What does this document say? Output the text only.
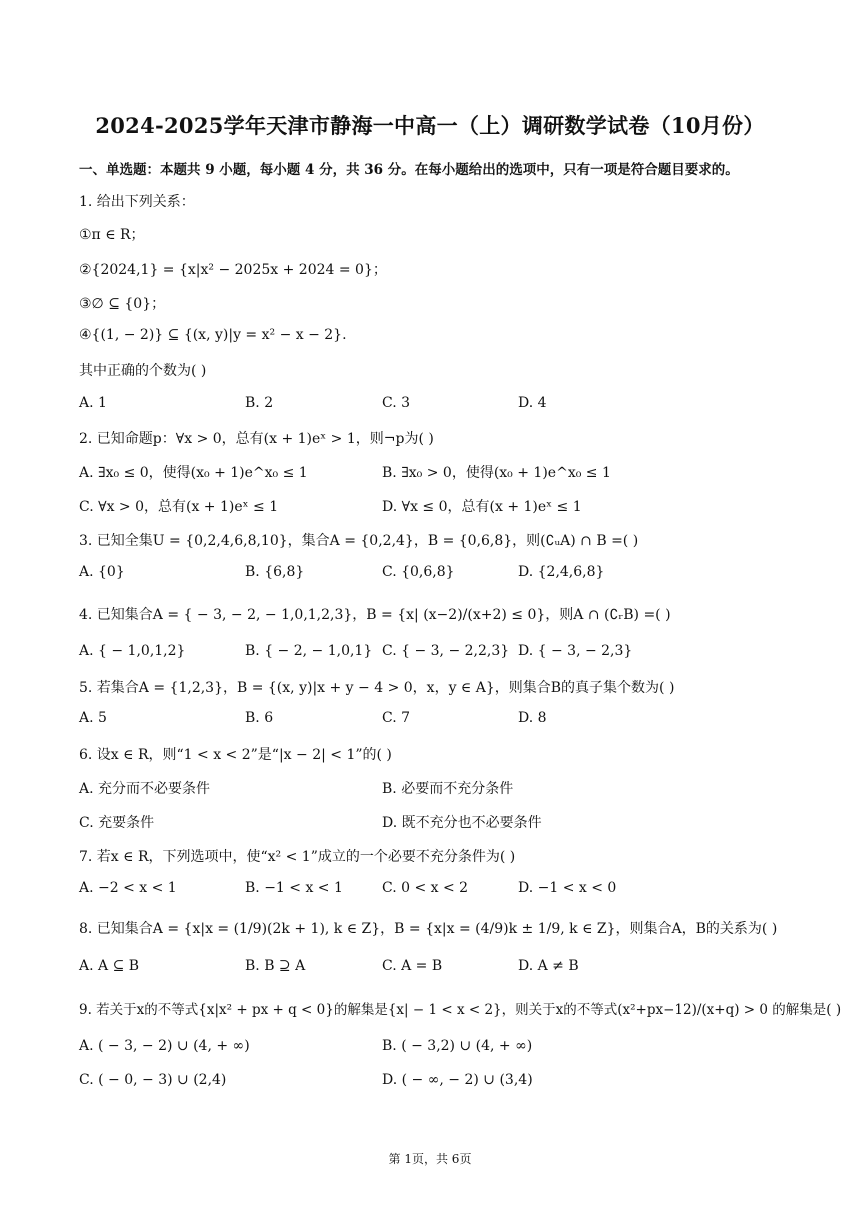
2024-2025学年天津市静海一中高一（上）调研数学试卷（10月份）
一、单选题：本题共 9 小题，每小题 4 分，共 36 分。在每小题给出的选项中，只有一项是符合题目要求的。
1. 给出下列关系：
①π ∈ R；
②{2024,1} = {x|x² − 2025x + 2024 = 0}；
③∅ ⊆ {0}；
④{(1, − 2)} ⊆ {(x, y)|y = x² − x − 2}.
其中正确的个数为( )
A. 1	B. 2	C. 3	D. 4
2. 已知命题p：∀x > 0，总有(x + 1)eˣ > 1，则¬p为( )
A. ∃x₀ ≤ 0，使得(x₀ + 1)e^x₀ ≤ 1	B. ∃x₀ > 0，使得(x₀ + 1)e^x₀ ≤ 1
C. ∀x > 0，总有(x + 1)eˣ ≤ 1	D. ∀x ≤ 0，总有(x + 1)eˣ ≤ 1
3. 已知全集U = {0,2,4,6,8,10}，集合A = {0,2,4}，B = {0,6,8}，则(∁ᵤA) ∩ B =( )
A. {0}	B. {6,8}	C. {0,6,8}	D. {2,4,6,8}
4. 已知集合A = { − 3, − 2, − 1,0,1,2,3}，B = {x| (x−2)/(x+2) ≤ 0}，则A ∩ (∁ᵣB) =( )
A. { − 1,0,1,2}	B. { − 2, − 1,0,1} C. { − 3, − 2,2,3} D. { − 3, − 2,3}
5. 若集合A = {1,2,3}，B = {(x, y)|x + y − 4 > 0，x，y ∈ A}，则集合B的真子集个数为( )
A. 5	B. 6	C. 7	D. 8
6. 设x ∈ R，则“1 < x < 2”是“|x − 2| < 1”的( )
A. 充分而不必要条件	B. 必要而不充分条件
C. 充要条件	D. 既不充分也不必要条件
7. 若x ∈ R，下列选项中，使“x² < 1”成立的一个必要不充分条件为( )
A. −2 < x < 1	B. −1 < x < 1	C. 0 < x < 2	D. −1 < x < 0
8. 已知集合A = {x|x = (1/9)(2k + 1), k ∈ Z}，B = {x|x = (4/9)k ± 1/9, k ∈ Z}，则集合A，B的关系为( )
A. A ⊆ B	B. B ⊇ A	C. A = B	D. A ≠ B
9. 若关于x的不等式{x|x² + px + q < 0}的解集是{x| − 1 < x < 2}，则关于x的不等式(x²+px−12)/(x+q) > 0 的解集是( )
A. ( − 3, − 2) ∪ (4, + ∞)	B. ( − 3,2) ∪ (4, + ∞)
C. ( − 0, − 3) ∪ (2,4)	D. ( − ∞, − 2) ∪ (3,4)
第 1页，共 6页
